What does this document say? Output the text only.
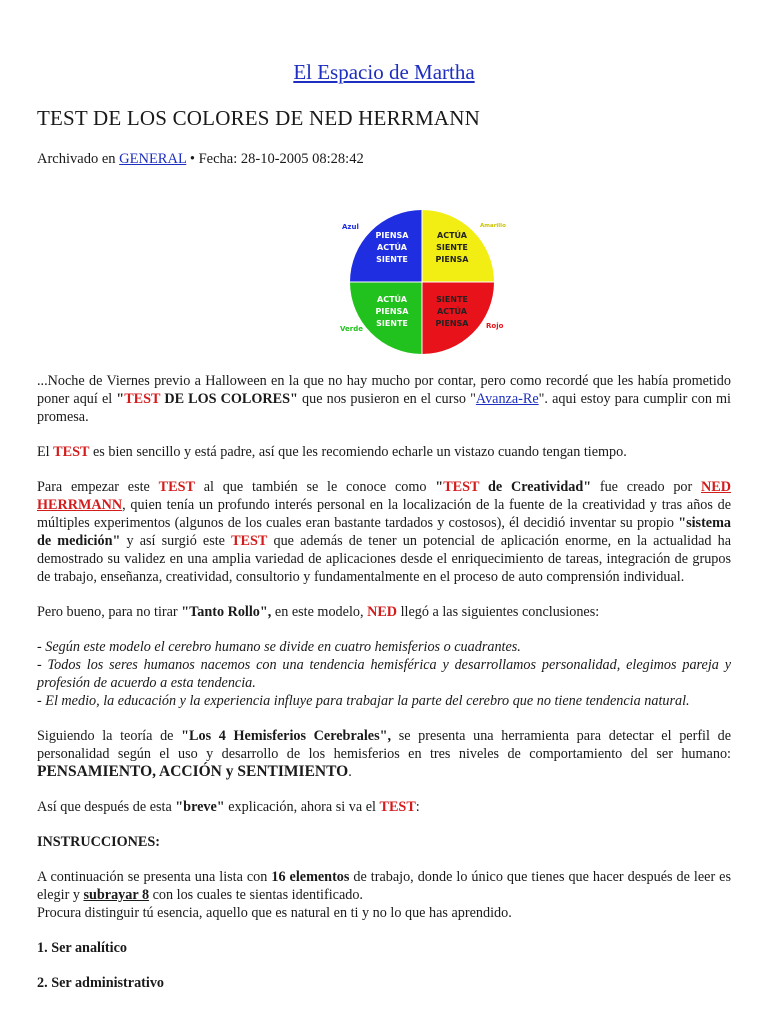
El Espacio de Martha
TEST DE LOS COLORES DE NED HERRMANN
Archivado en GENERAL • Fecha: 28-10-2005 08:28:42
PIENSA
ACTÚA
SIENTE
ACTÚA
SIENTE
PIENSA
ACTÚA
PIENSA
SIENTE
SIENTE
ACTÚA
PIENSA
Azul	Amarillo
Verde	Rojo

...Noche de Viernes previo a Halloween en la que no hay mucho por contar, pero como recordé que les había prometido poner aquí el "TEST DE LOS COLORES" que nos pusieron en el curso "Avanza-Re". aqui estoy para cumplir con mi promesa.

El TEST es bien sencillo y está padre, así que les recomiendo echarle un vistazo cuando tengan tiempo.

Para empezar este TEST al que también se le conoce como "TEST de Creatividad" fue creado por NED HERRMANN, quien tenía un profundo interés personal en la localización de la fuente de la creatividad y tras años de múltiples experimentos (algunos de los cuales eran bastante tardados y costosos), él decidió inventar su propio "sistema de medición" y así surgió este TEST que además de tener un potencial de aplicación enorme, en la actualidad ha demostrado su validez en una amplia variedad de aplicaciones desde el enriquecimiento de tareas, integración de grupos de trabajo, enseñanza, creatividad, consultorio y fundamentalmente en el proceso de auto comprensión individual.

Pero bueno, para no tirar "Tanto Rollo", en este modelo, NED llegó a las siguientes conclusiones:

- Según este modelo el cerebro humano se divide en cuatro hemisferios o cuadrantes.
- Todos los seres humanos nacemos con una tendencia hemisférica y desarrollamos personalidad, elegimos pareja y profesión de acuerdo a esta tendencia.
- El medio, la educación y la experiencia influye para trabajar la parte del cerebro que no tiene tendencia natural.

Siguiendo la teoría de "Los 4 Hemisferios Cerebrales", se presenta una herramienta para detectar el perfil de personalidad según el uso y desarrollo de los hemisferios en tres niveles de comportamiento del ser humano: PENSAMIENTO, ACCIÓN y SENTIMIENTO.

Así que después de esta "breve" explicación, ahora si va el TEST:

INSTRUCCIONES:

A continuación se presenta una lista con 16 elementos de trabajo, donde lo único que tienes que hacer después de leer es elegir y subrayar 8 con los cuales te sientas identificado.
Procura distinguir tú esencia, aquello que es natural en ti y no lo que has aprendido.

1. Ser analítico

2. Ser administrativo
